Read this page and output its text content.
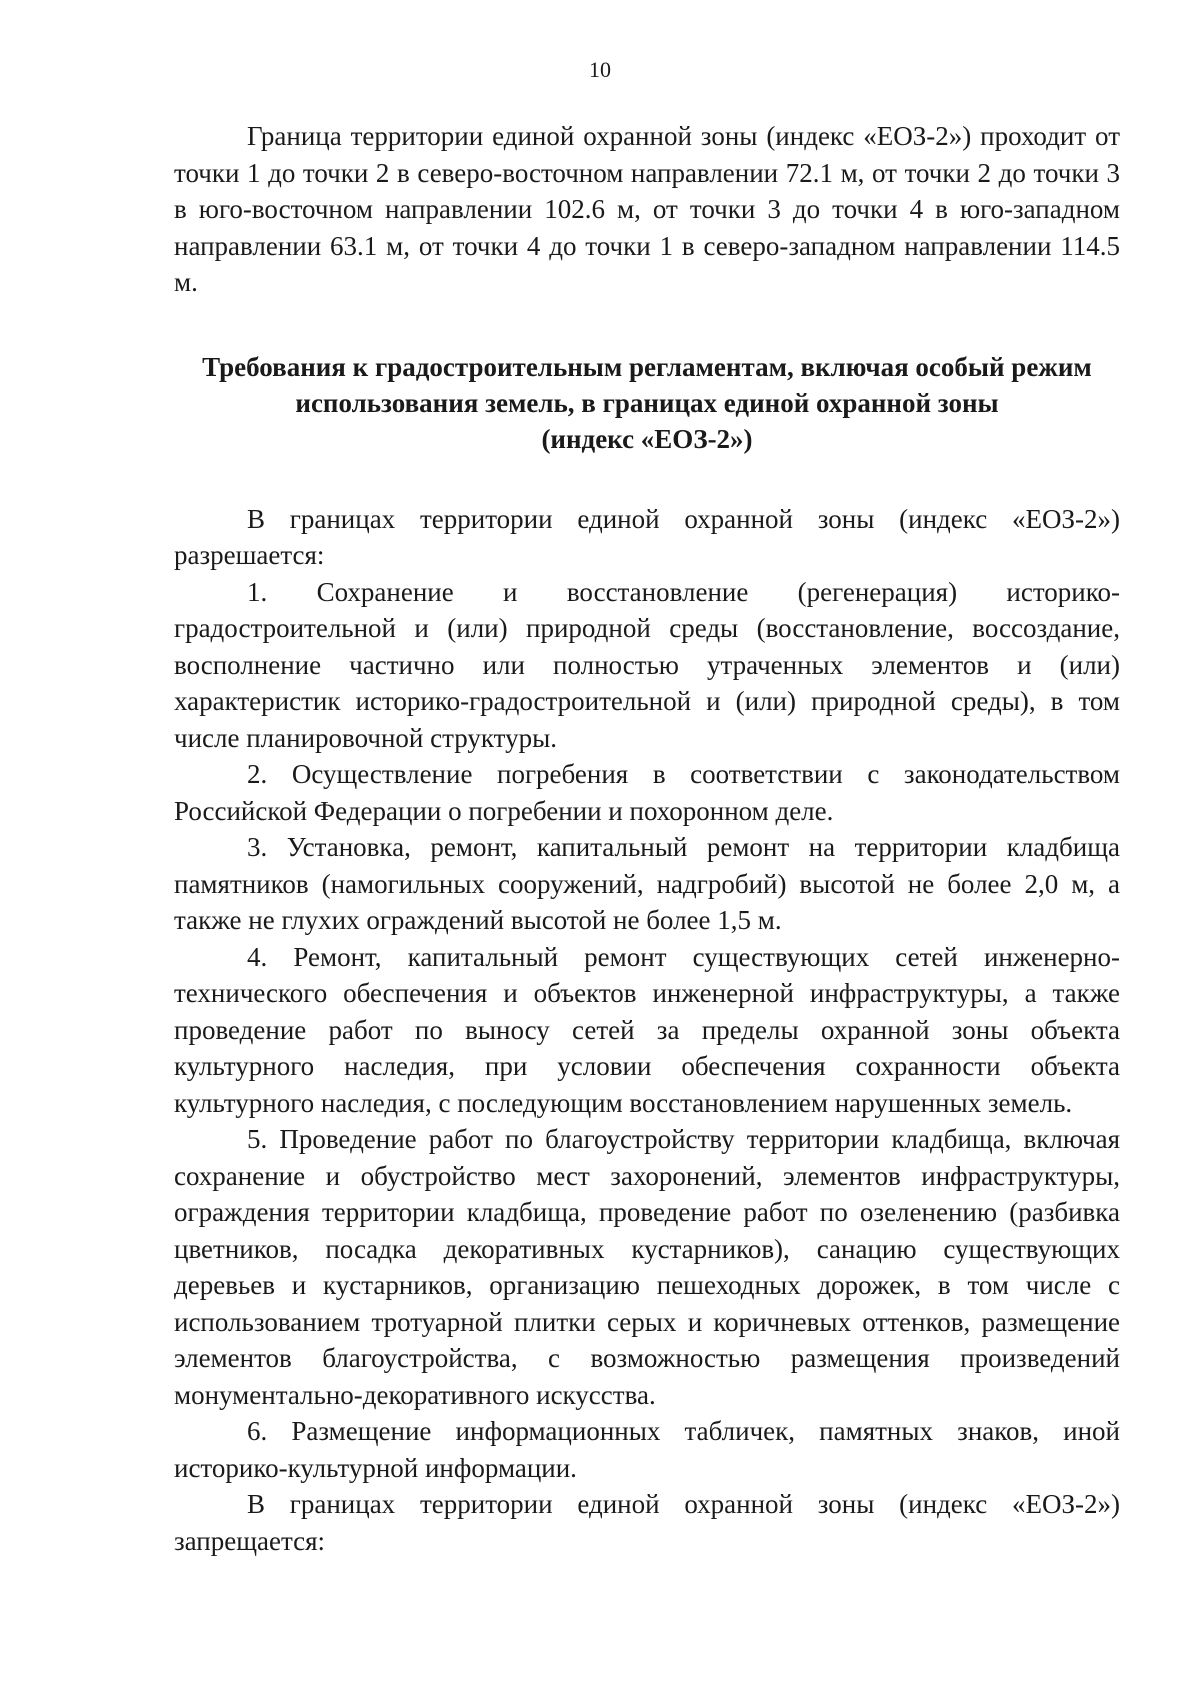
10

Граница территории единой охранной зоны (индекс «ЕОЗ-2») проходит от точки 1 до точки 2 в северо-восточном направлении 72.1 м, от точки 2 до точки 3 в юго-восточном направлении 102.6 м, от точки 3 до точки 4 в юго-западном направлении 63.1 м, от точки 4 до точки 1 в северо-западном направлении 114.5 м.

Требования к градостроительным регламентам, включая особый режим
использования земель, в границах единой охранной зоны
(индекс «ЕОЗ-2»)

В границах территории единой охранной зоны (индекс «ЕОЗ-2») разрешается:

1. Сохранение и восстановление (регенерация) историко-градостроительной и (или) природной среды (восстановление, воссоздание, восполнение частично или полностью утраченных элементов и (или) характеристик историко-градостроительной и (или) природной среды), в том числе планировочной структуры.

2. Осуществление погребения в соответствии с законодательством Российской Федерации о погребении и похоронном деле.

3. Установка, ремонт, капитальный ремонт на территории кладбища памятников (намогильных сооружений, надгробий) высотой не более 2,0 м, а также не глухих ограждений высотой не более 1,5 м.

4. Ремонт, капитальный ремонт существующих сетей инженерно-технического обеспечения и объектов инженерной инфраструктуры, а также проведение работ по выносу сетей за пределы охранной зоны объекта культурного наследия, при условии обеспечения сохранности объекта культурного наследия, с последующим восстановлением нарушенных земель.

5. Проведение работ по благоустройству территории кладбища, включая сохранение и обустройство мест захоронений, элементов инфраструктуры, ограждения территории кладбища, проведение работ по озеленению (разбивка цветников, посадка декоративных кустарников), санацию существующих деревьев и кустарников, организацию пешеходных дорожек, в том числе с использованием тротуарной плитки серых и коричневых оттенков, размещение элементов благоустройства, с возможностью размещения произведений монументально-декоративного искусства.

6. Размещение информационных табличек, памятных знаков, иной историко-культурной информации.

В границах территории единой охранной зоны (индекс «ЕОЗ-2») запрещается:
